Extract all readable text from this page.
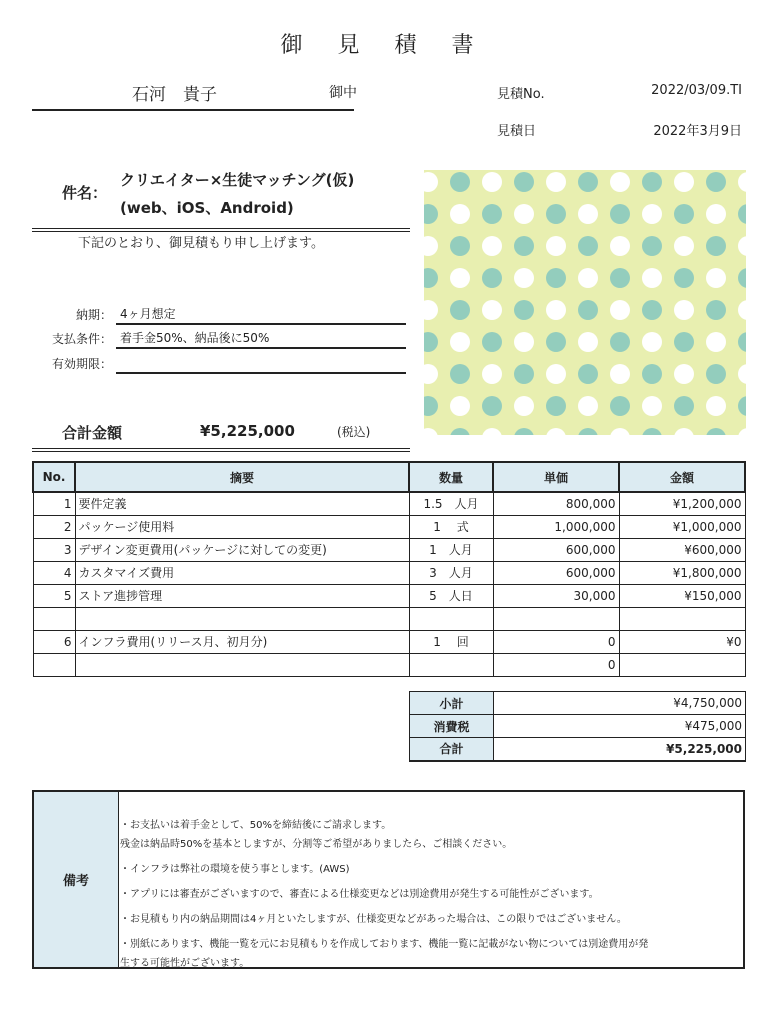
御 見 積 書
石河　貴子	御中	見積No.	2022/03/09.TI
見積日	2022年3月9日
件名：
クリエイター×生徒マッチング(仮)
(web、iOS、Android)
下記のとおり、御見積もり申し上げます。
納期： 4ヶ月想定
支払条件： 着手金50%、納品後に50%
有効期限：
合計金額	¥5,225,000	(税込)
No.	摘要	数量	単価	金額
1	要件定義	1.5　人月	800,000	¥1,200,000
2	パッケージ使用料	1　 式	1,000,000	¥1,000,000
3	デザイン変更費用(パッケージに対しての変更)	1　人月	600,000	¥600,000
4	カスタマイズ費用	3　人月	600,000	¥1,800,000
5	ストア進捗管理	5　人日	30,000	¥150,000

6	インフラ費用(リリース月、初月分)	1　 回	0	¥0
			0	
小計	¥4,750,000
消費税	¥475,000
合計	¥5,225,000
備考
・お支払いは着手金として、50%を締結後にご請求します。
残金は納品時50%を基本としますが、分割等ご希望がありましたら、ご相談ください。
・インフラは弊社の環境を使う事とします。(AWS)
・アプリには審査がございますので、審査による仕様変更などは別途費用が発生する可能性がございます。
・お見積もり内の納品期間は4ヶ月といたしますが、仕様変更などがあった場合は、この限りではございません。
・別紙にあります、機能一覧を元にお見積もりを作成しております、機能一覧に記載がない物については別途費用が発
生する可能性がございます。
